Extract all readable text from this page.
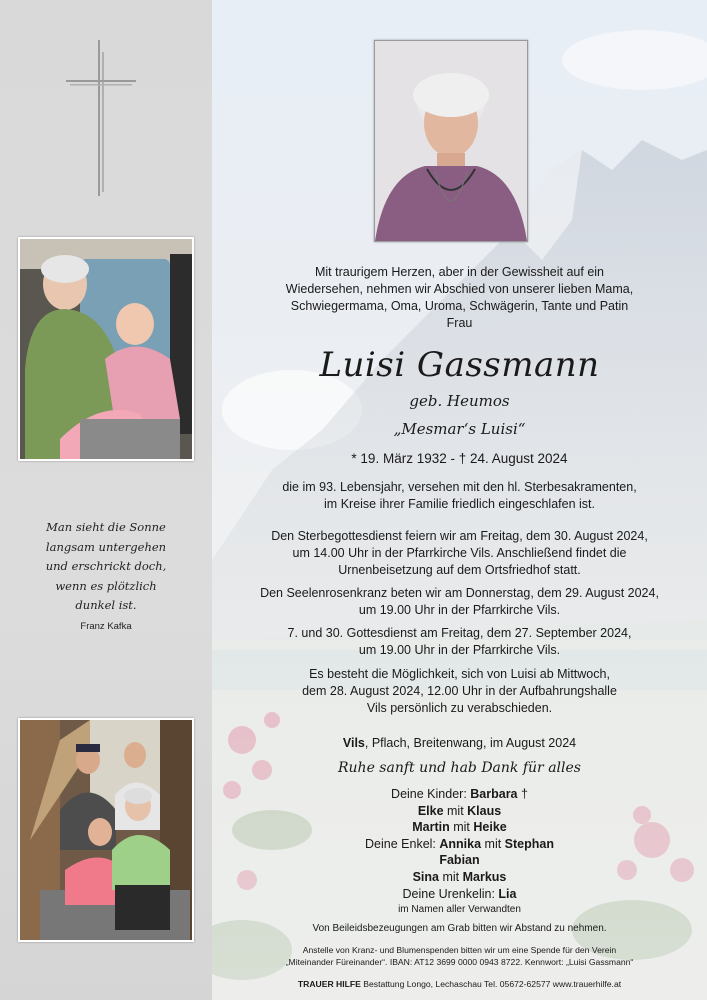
Man sieht die Sonne
langsam untergehen
und erschrickt doch,
wenn es plötzlich
dunkel ist.
Franz Kafka
Mit traurigem Herzen, aber in der Gewissheit auf ein
Wiedersehen, nehmen wir Abschied von unserer lieben Mama,
Schwiegermama, Oma, Uroma, Schwägerin, Tante und Patin
Frau
Luisi Gassmann
geb. Heumos
„Mesmar‘s Luisi“
* 19. März 1932 - † 24. August 2024
die im 93. Lebensjahr, versehen mit den hl. Sterbesakramenten,
im Kreise ihrer Familie friedlich eingeschlafen ist.
Den Sterbegottesdienst feiern wir am Freitag, dem 30. August 2024,
um 14.00 Uhr in der Pfarrkirche Vils. Anschließend findet die
Urnenbeisetzung auf dem Ortsfriedhof statt.
Den Seelenrosenkranz beten wir am Donnerstag, dem 29. August 2024,
um 19.00 Uhr in der Pfarrkirche Vils.
7. und 30. Gottesdienst am Freitag, dem 27. September 2024,
um 19.00 Uhr in der Pfarrkirche Vils.
Es besteht die Möglichkeit, sich von Luisi ab Mittwoch,
dem 28. August 2024, 12.00 Uhr in der Aufbahrungshalle
Vils persönlich zu verabschieden.
Vils, Pflach, Breitenwang, im August 2024
Ruhe sanft und hab Dank für alles
Deine Kinder: Barbara †
Elke mit Klaus
Martin mit Heike
Deine Enkel: Annika mit Stephan
Fabian
Sina mit Markus
Deine Urenkelin: Lia
im Namen aller Verwandten
Von Beileidsbezeugungen am Grab bitten wir Abstand zu nehmen.
Anstelle von Kranz- und Blumenspenden bitten wir um eine Spende für den Verein
„Miteinander Füreinander“. IBAN: AT12 3699 0000 0943 8722. Kennwort: „Luisi Gassmann“
TRAUER HILFE Bestattung Longo, Lechaschau Tel. 05672-62577 www.trauerhilfe.at
